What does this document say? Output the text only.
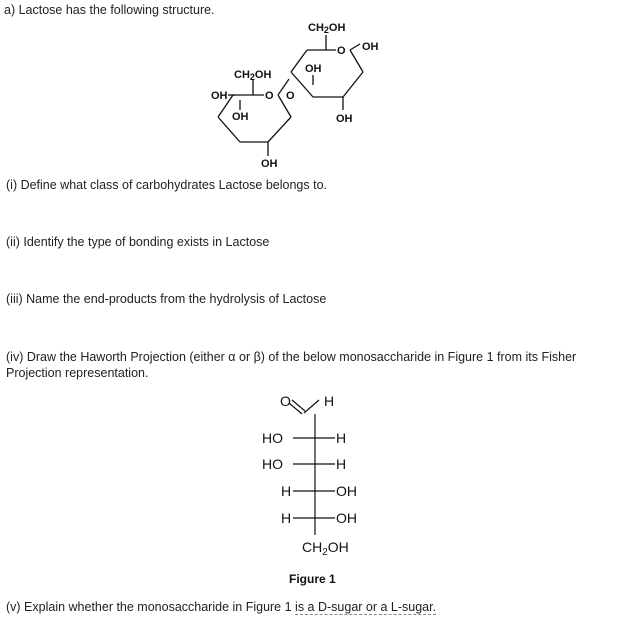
a) Lactose has the following structure.
(i) Define what class of carbohydrates Lactose belongs to.
(ii) Identify the type of bonding exists in Lactose
(iii) Name the end-products from the hydrolysis of Lactose
(iv) Draw the Haworth Projection (either α or β) of the below monosaccharide in Figure 1 from its Fisher
Projection representation.
(v) Explain whether the monosaccharide in Figure 1 is a D-sugar or a L-sugar.
CH2OH
OH	O O
OH
OH
CH2OH
O OH
OH
OH
O H
HO	H
HO	H
H	OH
H	OH
$CH_2OH$
Figure 1
